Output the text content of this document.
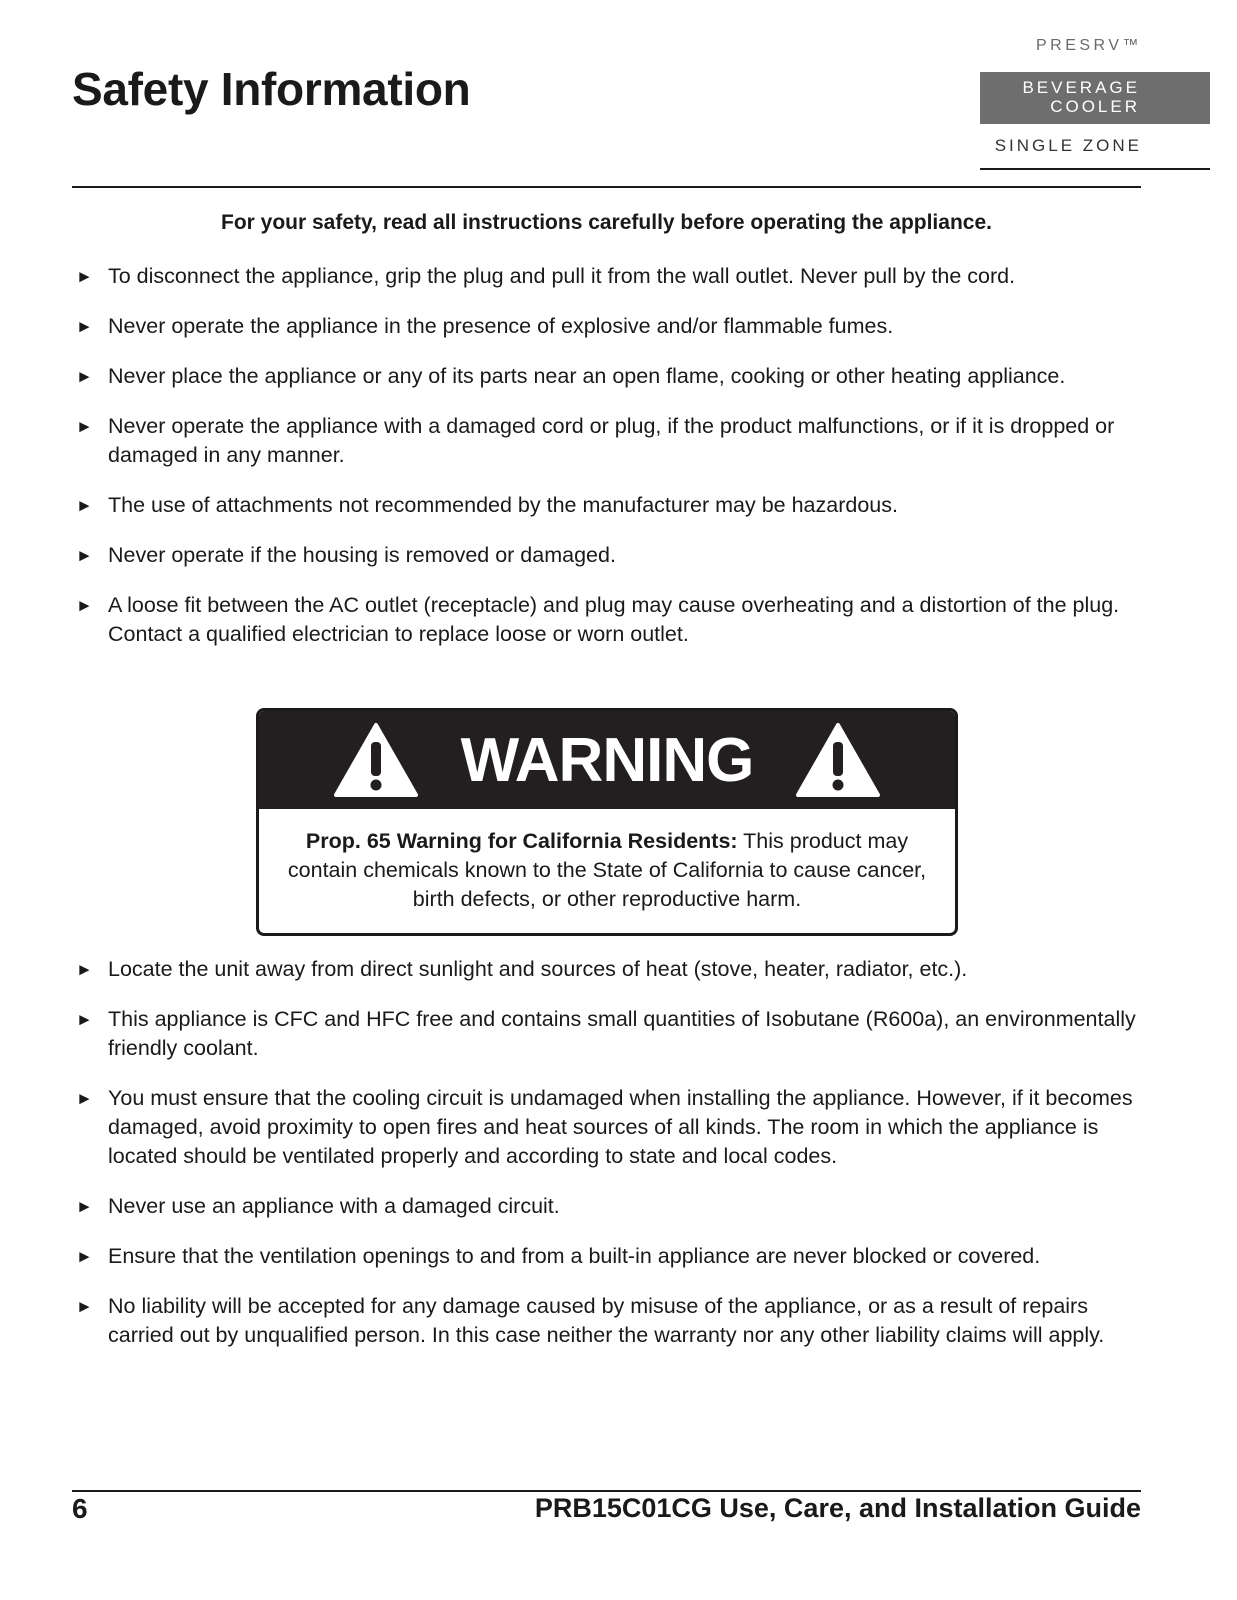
Safety Information
PRESRV™
BEVERAGE
COOLER
SINGLE ZONE

For your safety, read all instructions carefully before operating the appliance.

► To disconnect the appliance, grip the plug and pull it from the wall outlet. Never pull by the cord.
► Never operate the appliance in the presence of explosive and/or flammable fumes.
► Never place the appliance or any of its parts near an open flame, cooking or other heating appliance.
► Never operate the appliance with a damaged cord or plug, if the product malfunctions, or if it is dropped or damaged in any manner.
► The use of attachments not recommended by the manufacturer may be hazardous.
► Never operate if the housing is removed or damaged.
► A loose fit between the AC outlet (receptacle) and plug may cause overheating and a distortion of the plug. Contact a qualified electrician to replace loose or worn outlet.
WARNING
Prop. 65 Warning for California Residents: This product may contain chemicals known to the State of California to cause cancer, birth defects, or other reproductive harm.
► Locate the unit away from direct sunlight and sources of heat (stove, heater, radiator, etc.).
► This appliance is CFC and HFC free and contains small quantities of Isobutane (R600a), an environmentally friendly coolant.
► You must ensure that the cooling circuit is undamaged when installing the appliance. However, if it becomes damaged, avoid proximity to open fires and heat sources of all kinds. The room in which the appliance is located should be ventilated properly and according to state and local codes.
► Never use an appliance with a damaged circuit.
► Ensure that the ventilation openings to and from a built-in appliance are never blocked or covered.
► No liability will be accepted for any damage caused by misuse of the appliance, or as a result of repairs carried out by unqualified person. In this case neither the warranty nor any other liability claims will apply.
6	PRB15C01CG Use, Care, and Installation Guide
